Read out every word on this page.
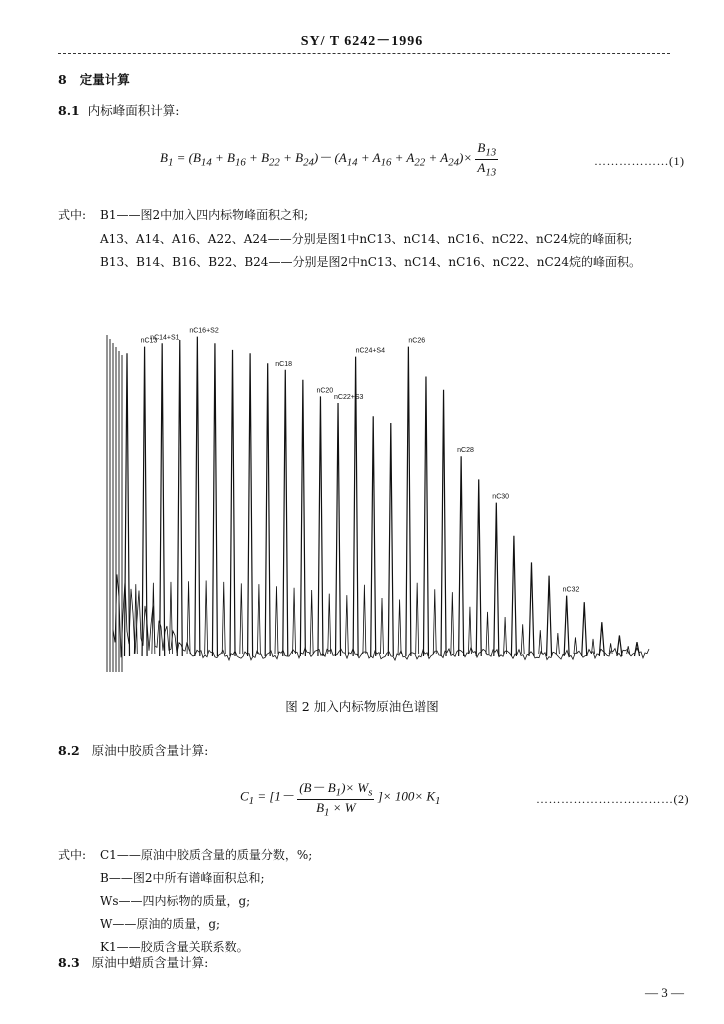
SY/ T 6242－1996
8 定量计算
8.1 内标峰面积计算:
$B_1 = (B_{14} + B_{16} + B_{22} + B_{24})- (A_{14} + A_{16} + A_{22} + A_{24})\times \frac{B_{13}}{A_{13}}$	………………(1)
式中: B1——图2中加入四内标物峰面积之和;
A13、A14、A16、A22、A24——分别是图1中nC13、nC14、nC16、nC22、nC24烷的峰面积;
B13、B14、B16、B22、B24——分别是图2中nC13、nC14、nC16、nC22、nC24烷的峰面积。
nC13
nC14+S1
nC16+S2
nC22+S3
nC24+S4
nC18
nC20
nC26
nC28
nC30
nC32
图 2 加入内标物原油色谱图
8.2 原油中胶质含量计算:
$C_1 = [1- \frac{(B- B_1)\times W_s}{B_1 \times W}$ ]× $100\times K_1$	……………………………(2)
式中: C1——原油中胶质含量的质量分数，%;
B——图2中所有谱峰面积总和;
Ws——四内标物的质量，g;
W——原油的质量，g;
K1——胶质含量关联系数。
8.3 原油中蜡质含量计算:
— 3 —
